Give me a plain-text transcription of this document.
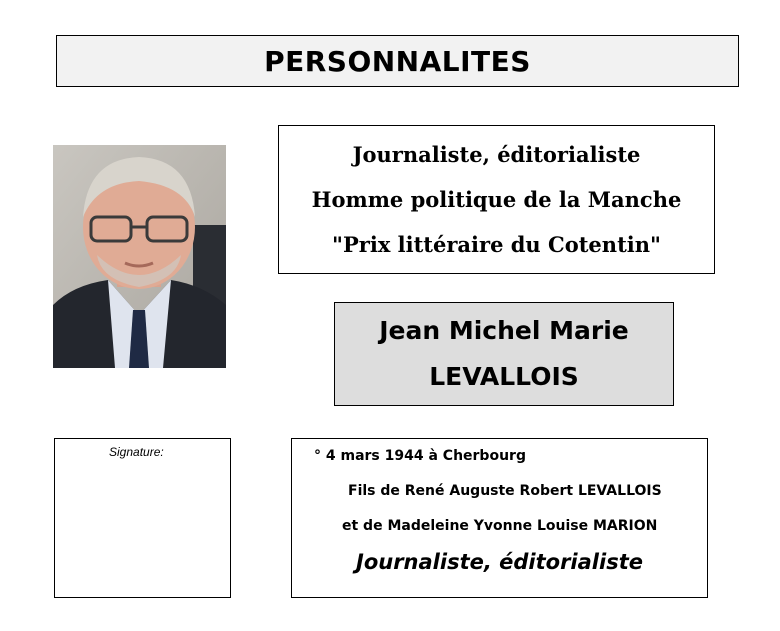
PERSONNALITES
Journaliste, éditorialiste
Homme politique de la Manche
"Prix littéraire du Cotentin"
Jean Michel Marie
LEVALLOIS
Signature:	° 4 mars 1944 à Cherbourg
Fils de René Auguste Robert LEVALLOIS
et de Madeleine Yvonne Louise MARION
Journaliste, éditorialiste
